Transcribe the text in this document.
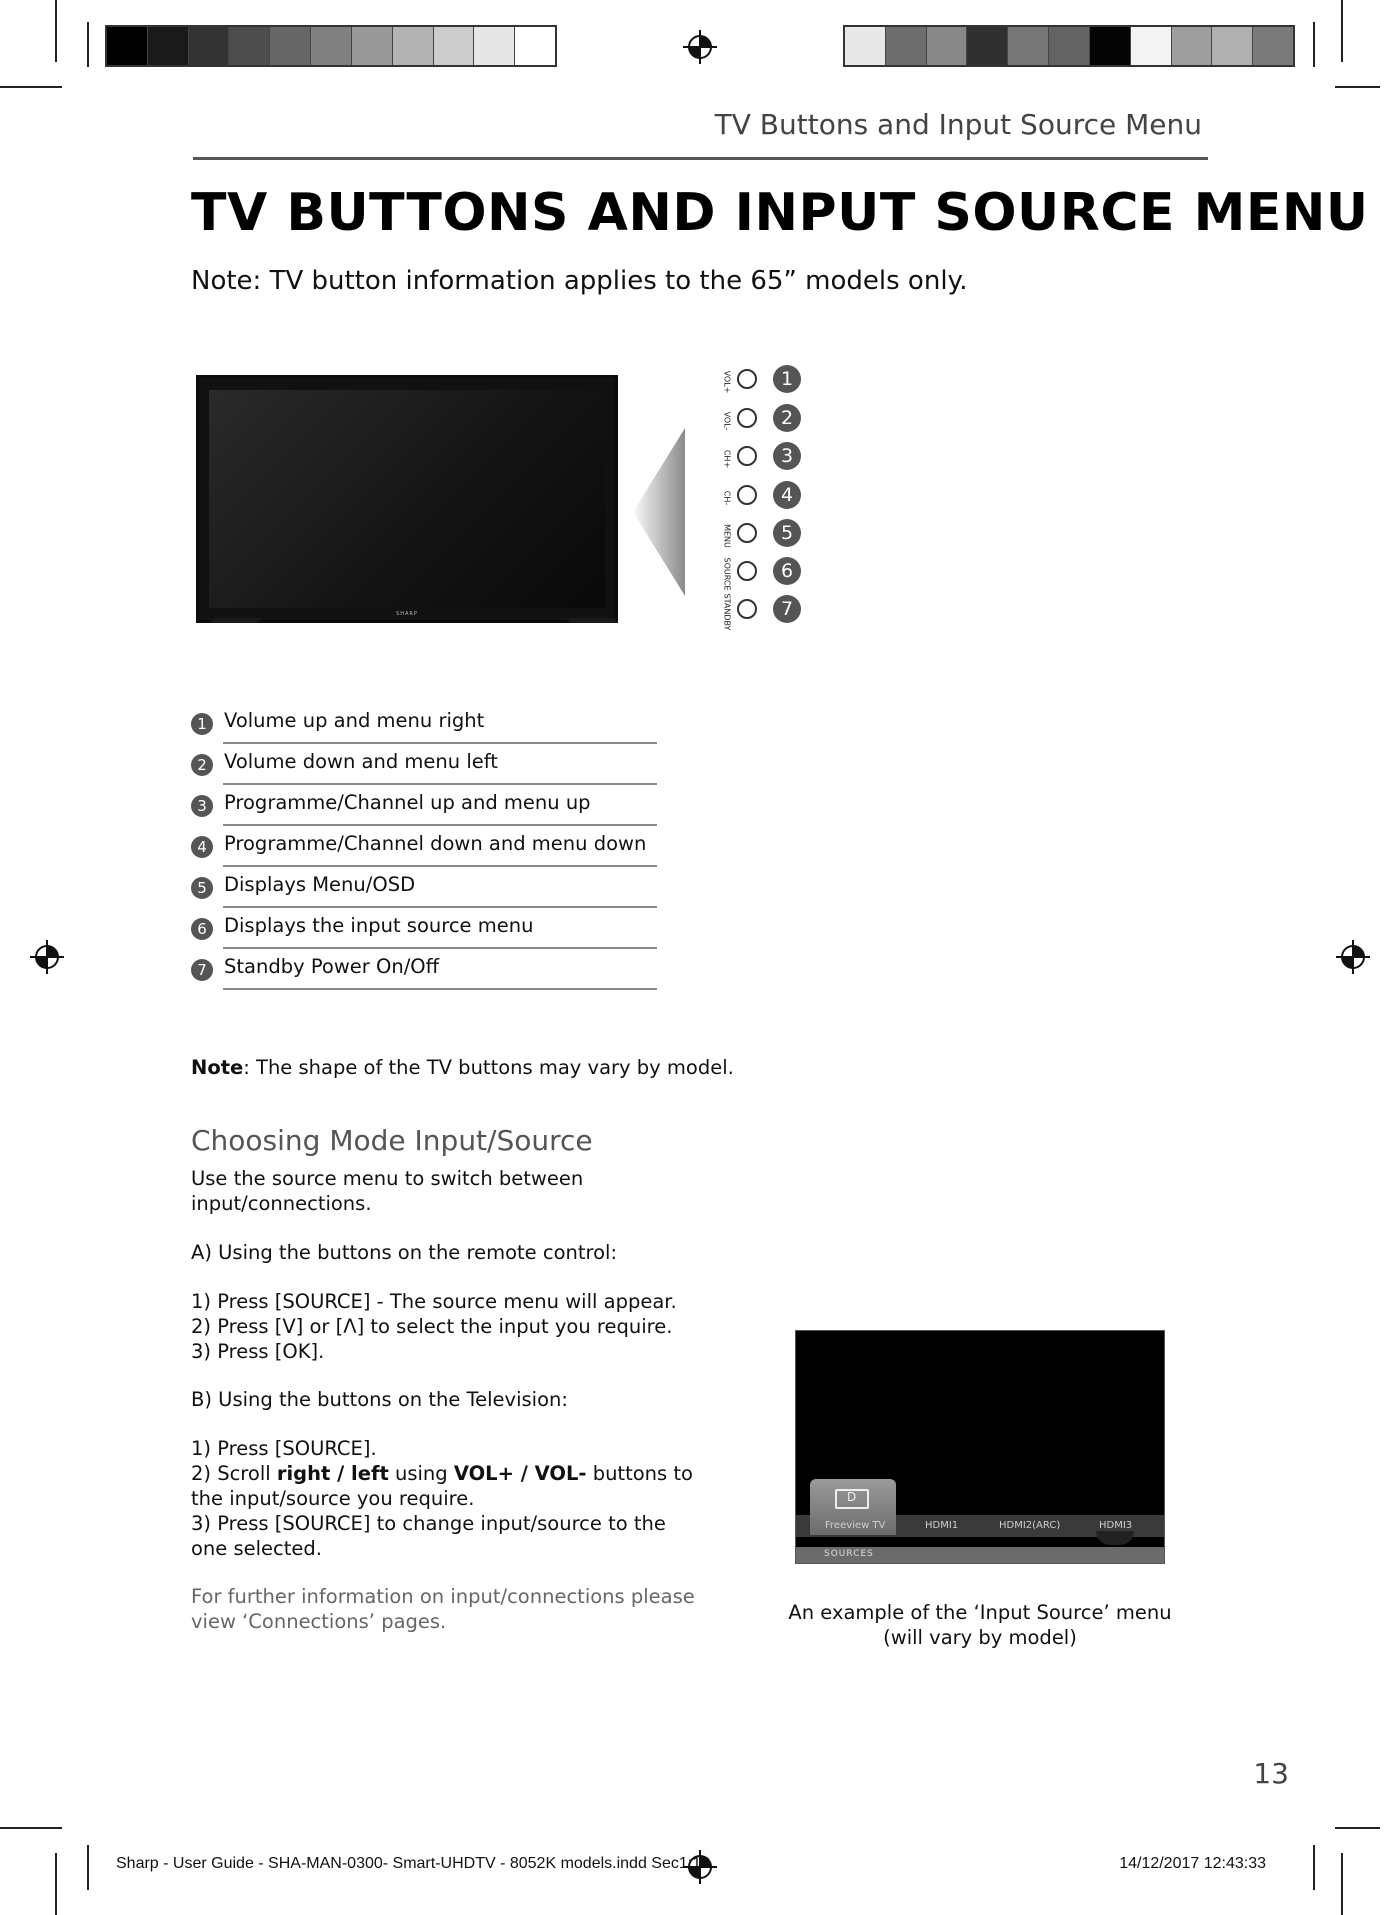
TV Buttons and Input Source Menu
TV BUTTONS AND INPUT SOURCE MENU
Note: TV button information applies to the 65” models only.
SHARP
VOL+	1
VOL-	2
CH+	3
CH-	4
MENU	5
SOURCE	6
STANDBY	7
1 Volume up and menu right
2 Volume down and menu left
3 Programme/Channel up and menu up
4 Programme/Channel down and menu down
5 Displays Menu/OSD
6 Displays the input source menu
7 Standby Power On/Off
Note: The shape of the TV buttons may vary by model.
Choosing Mode Input/Source
Use the source menu to switch between
input/connections.
A) Using the buttons on the remote control:
1) Press [SOURCE] - The source menu will appear.
2) Press [V] or [Λ] to select the input you require.
3) Press [OK].
B) Using the buttons on the Television:
1) Press [SOURCE].
2) Scroll right / left using VOL+ / VOL- buttons to
the input/source you require.
3) Press [SOURCE] to change input/source to the
one selected.
For further information on input/connections please
view ‘Connections’ pages.
D
Freeview TV	HDMI1	HDMI2(ARC)	HDMI3
SOURCES
An example of the ‘Input Source’ menu
(will vary by model)
13
Sharp - User Guide - SHA-MAN-0300- Smart-UHDTV - 8052K models.indd Sec1:13	14/12/2017 12:43:33
